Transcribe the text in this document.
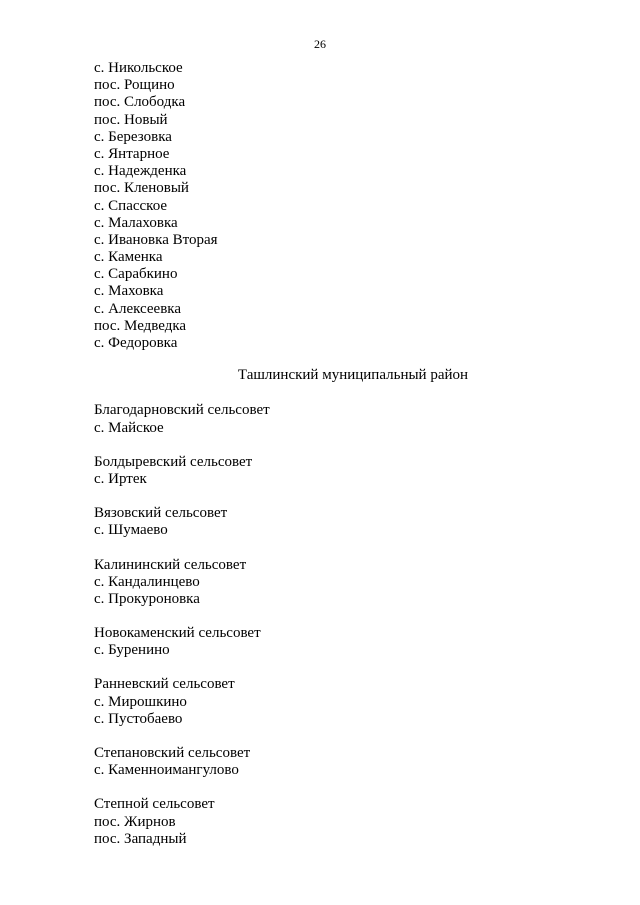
26
с. Никольское
пос. Рощино
пос. Слободка
пос. Новый
с. Березовка
с. Янтарное
с. Надежденка
пос. Кленовый
с. Спасское
с. Малаховка
с. Ивановка Вторая
с. Каменка
с. Сарабкино
с. Маховка
с. Алексеевка
пос. Медведка
с. Федоровка
Ташлинский муниципальный район
Благодарновский сельсовет
с. Майское
Болдыревский сельсовет
с. Иртек
Вязовский сельсовет
с. Шумаево
Калининский сельсовет
с. Кандалинцево
с. Прокуроновка
Новокаменский сельсовет
с. Буренино
Ранневский сельсовет
с. Мирошкино
с. Пустобаево
Степановский сельсовет
с. Каменноимангулово
Степной сельсовет
пос. Жирнов
пос. Западный
